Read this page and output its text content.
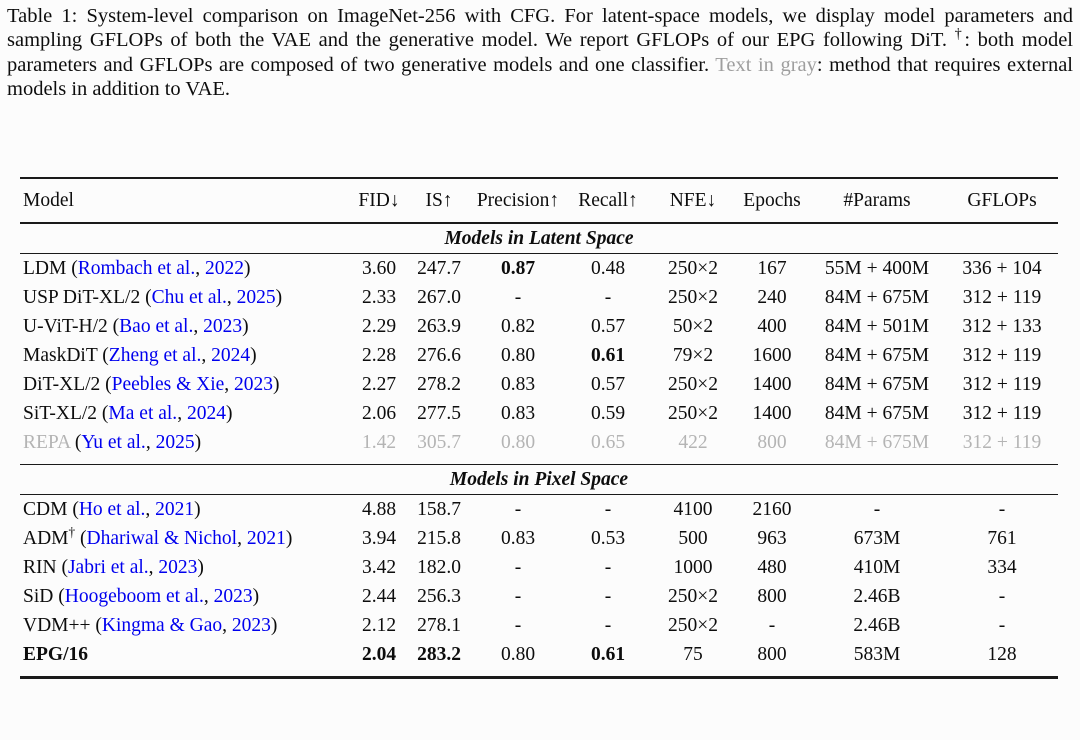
Table 1: System-level comparison on ImageNet-256 with CFG. For latent-space models, we display model parameters and sampling GFLOPs of both the VAE and the generative model. We report GFLOPs of our EPG following DiT. †: both model parameters and GFLOPs are composed of two generative models and one classifier. Text in gray: method that requires external models in addition to VAE.

Model	FID↓	IS↑	Precision↑	Recall↑	NFE↓	Epochs	#Params	GFLOPs
Models in Latent Space								
LDM (Rombach et al., 2022)	3.60	247.7	0.87	0.48	250×2	167	55M + 400M	336 + 104
USP DiT-XL/2 (Chu et al., 2025)	2.33	267.0	-	-	250×2	240	84M + 675M	312 + 119
U-ViT-H/2 (Bao et al., 2023)	2.29	263.9	0.82	0.57	50×2	400	84M + 501M	312 + 133
MaskDiT (Zheng et al., 2024)	2.28	276.6	0.80	0.61	79×2	1600	84M + 675M	312 + 119
DiT-XL/2 (Peebles & Xie, 2023)	2.27	278.2	0.83	0.57	250×2	1400	84M + 675M	312 + 119
SiT-XL/2 (Ma et al., 2024)	2.06	277.5	0.83	0.59	250×2	1400	84M + 675M	312 + 119
REPA (Yu et al., 2025)	1.42	305.7	0.80	0.65	422	800	84M + 675M	312 + 119
Models in Pixel Space								
CDM (Ho et al., 2021)	4.88	158.7	-	-	4100	2160	-	-
ADM† (Dhariwal & Nichol, 2021)	3.94	215.8	0.83	0.53	500	963	673M	761
RIN (Jabri et al., 2023)	3.42	182.0	-	-	1000	480	410M	334
SiD (Hoogeboom et al., 2023)	2.44	256.3	-	-	250×2	800	2.46B	-
VDM++ (Kingma & Gao, 2023)	2.12	278.1	-	-	250×2	-	2.46B	-
EPG/16	2.04	283.2	0.80	0.61	75	800	583M	128
